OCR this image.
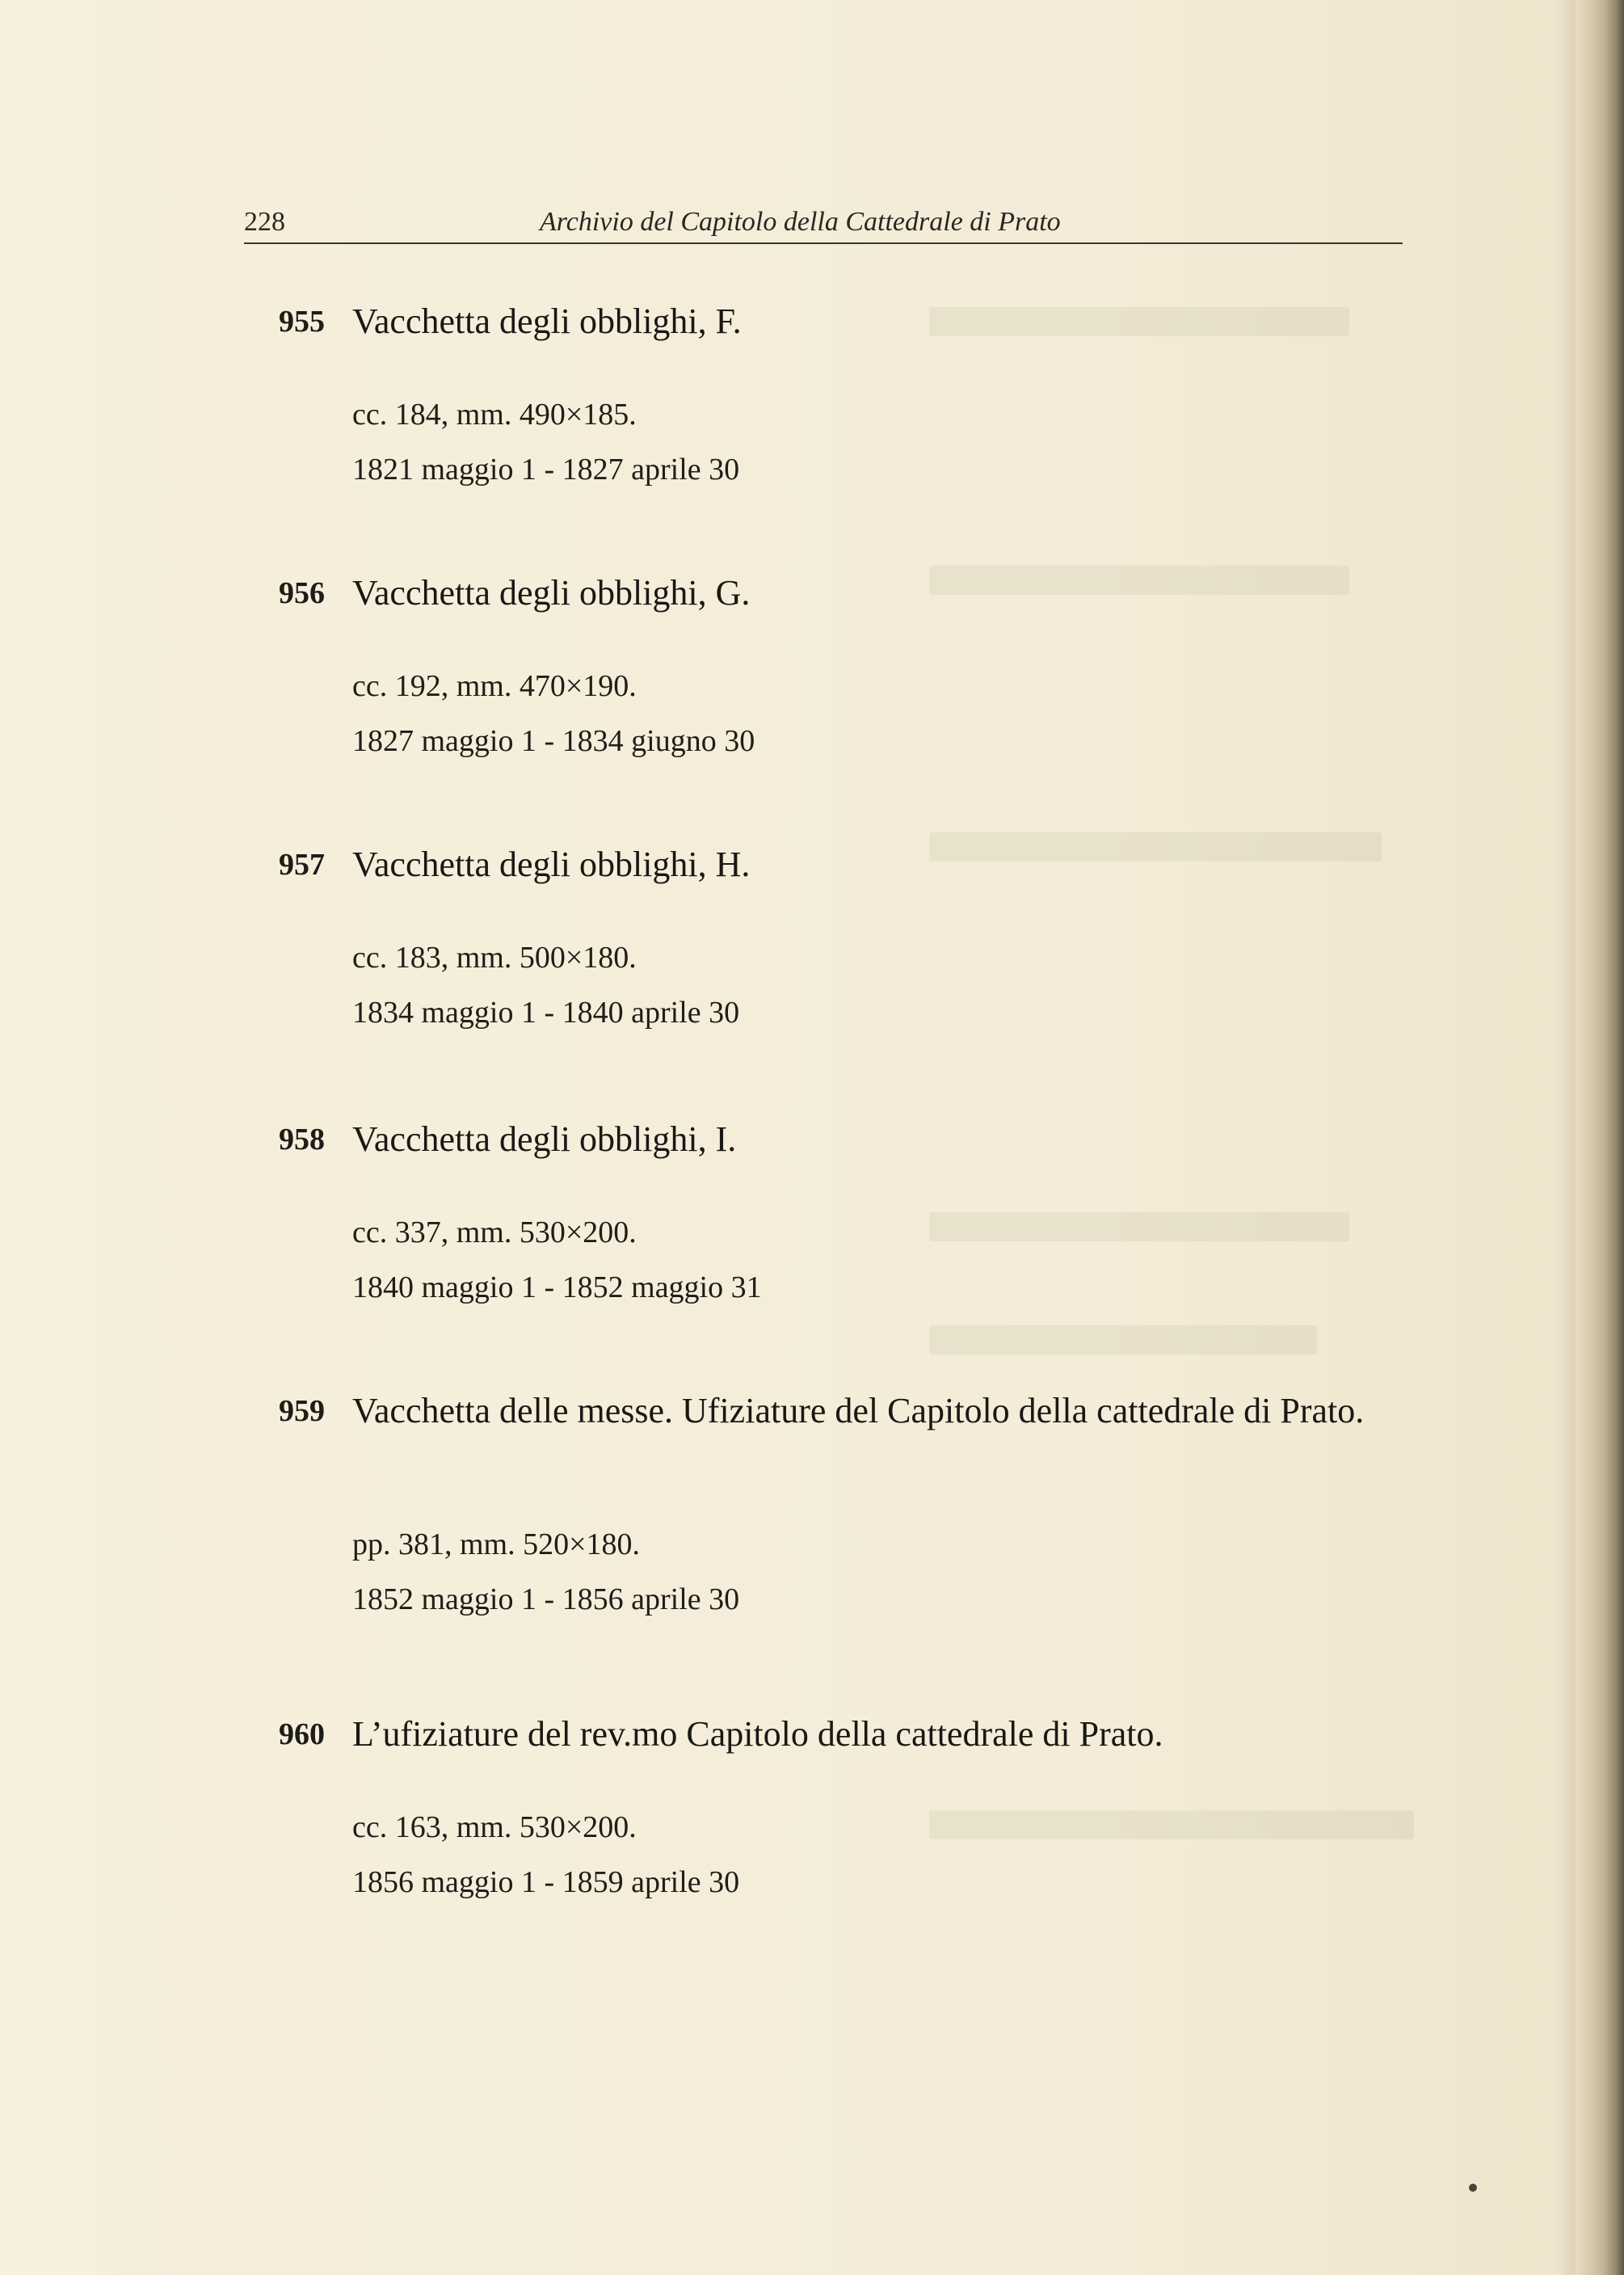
228	Archivio del Capitolo della Cattedrale di Prato
955 Vacchetta degli obblighi, F.
cc. 184, mm. 490×185.
1821 maggio 1 - 1827 aprile 30
956 Vacchetta degli obblighi, G.
cc. 192, mm. 470×190.
1827 maggio 1 - 1834 giugno 30
957 Vacchetta degli obblighi, H.
cc. 183, mm. 500×180.
1834 maggio 1 - 1840 aprile 30
958 Vacchetta degli obblighi, I.
cc. 337, mm. 530×200.
1840 maggio 1 - 1852 maggio 31
959 Vacchetta delle messe. Ufiziature del Capitolo della cattedrale di Prato.
pp. 381, mm. 520×180.
1852 maggio 1 - 1856 aprile 30
960 L’ufiziature del rev.mo Capitolo della cattedrale di Prato.
cc. 163, mm. 530×200.
1856 maggio 1 - 1859 aprile 30
